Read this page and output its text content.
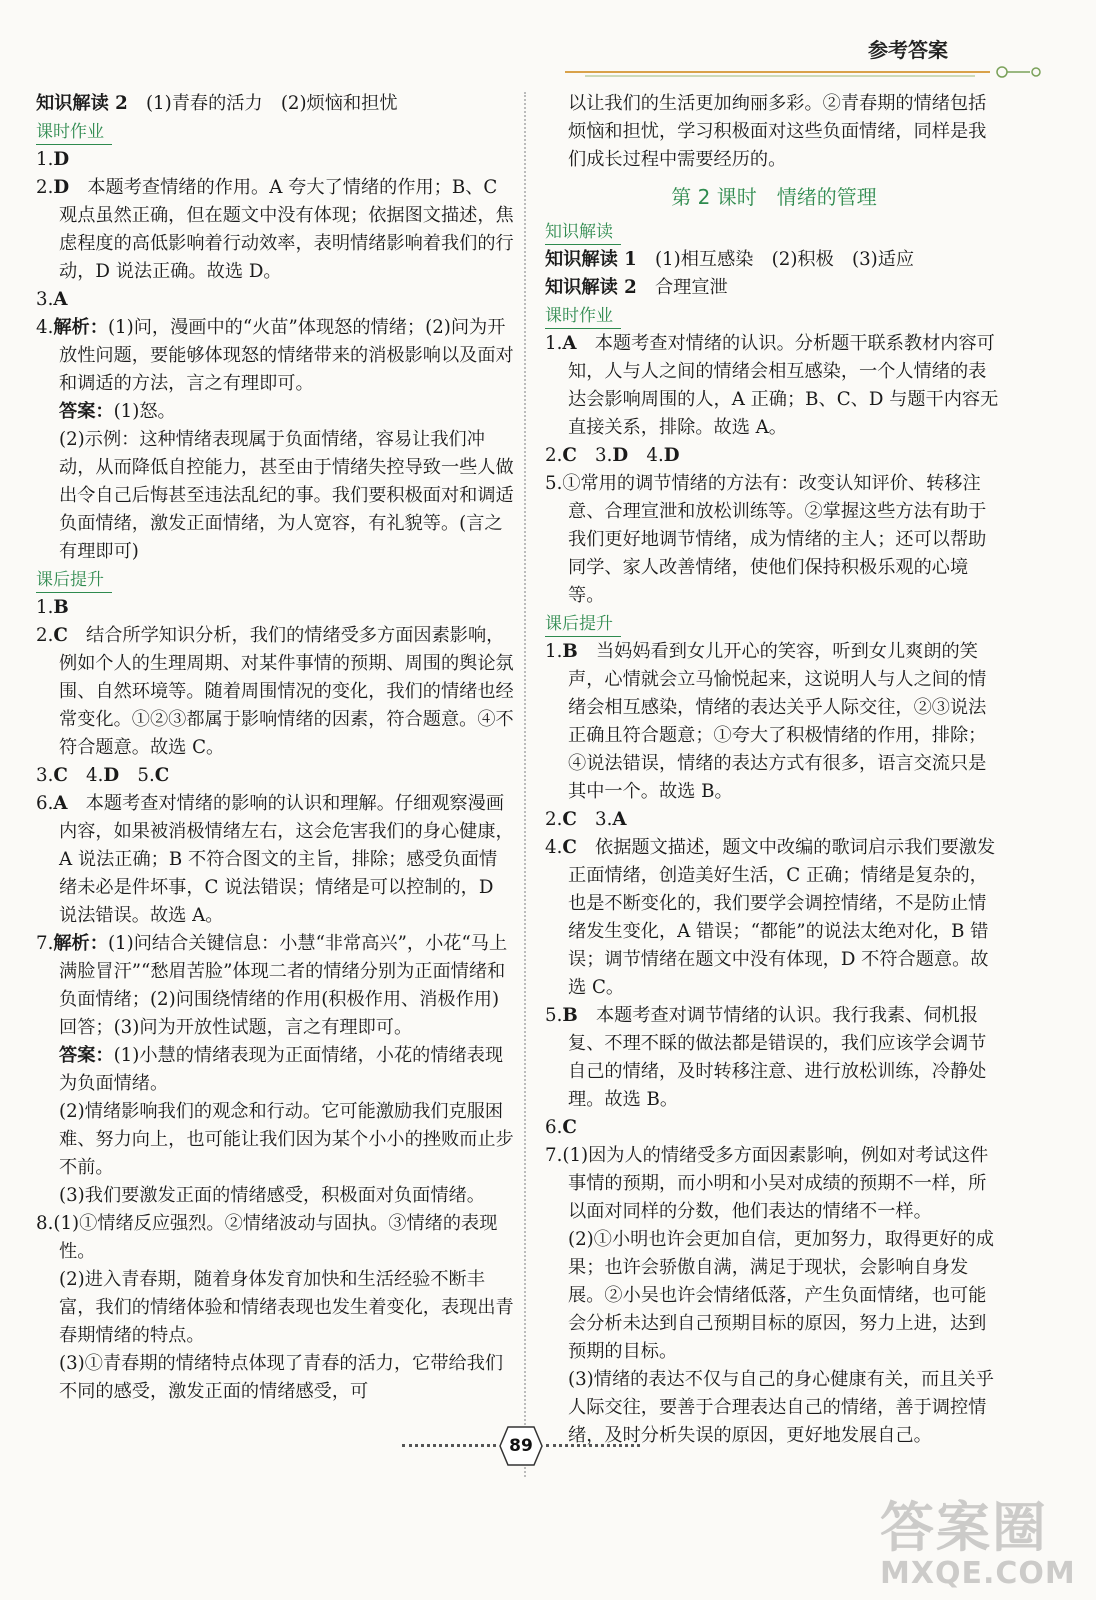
参考答案

知识解读 2　 (1)青春的活力　(2)烦恼和担忧

课时作业

1.D

2.D　 本题考查情绪的作用。A 夸大了情绪的作用；B、C 观点虽然正确，但在题文中没有体现；依据图文描述，焦虑程度的高低影响着行动效率，表明情绪影响着我们的行动，D 说法正确。故选 D。

3.A

4.解析：(1)问，漫画中的“火苗”体现怒的情绪；(2)问为开放性问题，要能够体现怒的情绪带来的消极影响以及面对和调适的方法，言之有理即可。

答案：(1)怒。

(2)示例：这种情绪表现属于负面情绪，容易让我们冲动，从而降低自控能力，甚至由于情绪失控导致一些人做出令自己后悔甚至违法乱纪的事。我们要积极面对和调适负面情绪，激发正面情绪，为人宽容，有礼貌等。(言之有理即可)

课后提升

1.B

2.C　 结合所学知识分析，我们的情绪受多方面因素影响，例如个人的生理周期、对某件事情的预期、周围的舆论氛围、自然环境等。随着周围情况的变化，我们的情绪也经常变化。①②③都属于影响情绪的因素，符合题意。④不符合题意。故选 C。

3.C　 4.D　 5.C

6.A　 本题考查对情绪的影响的认识和理解。仔细观察漫画内容，如果被消极情绪左右，这会危害我们的身心健康，A 说法正确；B 不符合图文的主旨，排除；感受负面情绪未必是件坏事，C 说法错误；情绪是可以控制的，D 说法错误。故选 A。

7.解析：(1)问结合关键信息：小慧“非常高兴”，小花“马上满脸冒汗”“愁眉苦脸”体现二者的情绪分别为正面情绪和负面情绪；(2)问围绕情绪的作用(积极作用、消极作用)回答；(3)问为开放性试题，言之有理即可。

答案：(1)小慧的情绪表现为正面情绪，小花的情绪表现为负面情绪。

(2)情绪影响我们的观念和行动。它可能激励我们克服困难、努力向上，也可能让我们因为某个小小的挫败而止步不前。

(3)我们要激发正面的情绪感受，积极面对负面情绪。

8.(1)①情绪反应强烈。②情绪波动与固执。③情绪的表现性。

(2)进入青春期，随着身体发育加快和生活经验不断丰富，我们的情绪体验和情绪表现也发生着变化，表现出青春期情绪的特点。

(3)①青春期的情绪特点体现了青春的活力，它带给我们不同的感受，激发正面的情绪感受，可

以让我们的生活更加绚丽多彩。②青春期的情绪包括烦恼和担忧，学习积极面对这些负面情绪，同样是我们成长过程中需要经历的。

第 2 课时　情绪的管理
知识解读

知识解读 1　 (1)相互感染　(2)积极　(3)适应

知识解读 2　 合理宣泄

课时作业

1.A　 本题考查对情绪的认识。分析题干联系教材内容可知，人与人之间的情绪会相互感染，一个人情绪的表达会影响周围的人，A 正确；B、C、D 与题干内容无直接关系，排除。故选 A。

2.C　 3.D　 4.D

5.①常用的调节情绪的方法有：改变认知评价、转移注意、合理宣泄和放松训练等。②掌握这些方法有助于我们更好地调节情绪，成为情绪的主人；还可以帮助同学、家人改善情绪，使他们保持积极乐观的心境等。

课后提升

1.B　 当妈妈看到女儿开心的笑容，听到女儿爽朗的笑声，心情就会立马愉悦起来，这说明人与人之间的情绪会相互感染，情绪的表达关乎人际交往，②③说法正确且符合题意；①夸大了积极情绪的作用，排除；④说法错误，情绪的表达方式有很多，语言交流只是其中一个。故选 B。

2.C　 3.A

4.C　 依据题文描述，题文中改编的歌词启示我们要激发正面情绪，创造美好生活，C 正确；情绪是复杂的，也是不断变化的，我们要学会调控情绪，不是防止情绪发生变化，A 错误；“都能”的说法太绝对化，B 错误；调节情绪在题文中没有体现，D 不符合题意。故选 C。

5.B　 本题考查对调节情绪的认识。我行我素、伺机报复、不理不睬的做法都是错误的，我们应该学会调节自己的情绪，及时转移注意、进行放松训练，冷静处理。故选 B。

6.C

7.(1)因为人的情绪受多方面因素影响，例如对考试这件事情的预期，而小明和小吴对成绩的预期不一样，所以面对同样的分数，他们表达的情绪不一样。

(2)①小明也许会更加自信，更加努力，取得更好的成果；也许会骄傲自满，满足于现状，会影响自身发展。②小吴也许会情绪低落，产生负面情绪，也可能会分析未达到自己预期目标的原因，努力上进，达到预期的目标。

(3)情绪的表达不仅与自己的身心健康有关，而且关乎人际交往，要善于合理表达自己的情绪，善于调控情绪，及时分析失误的原因，更好地发展自己。

89
答案圈
MXQE.COM
